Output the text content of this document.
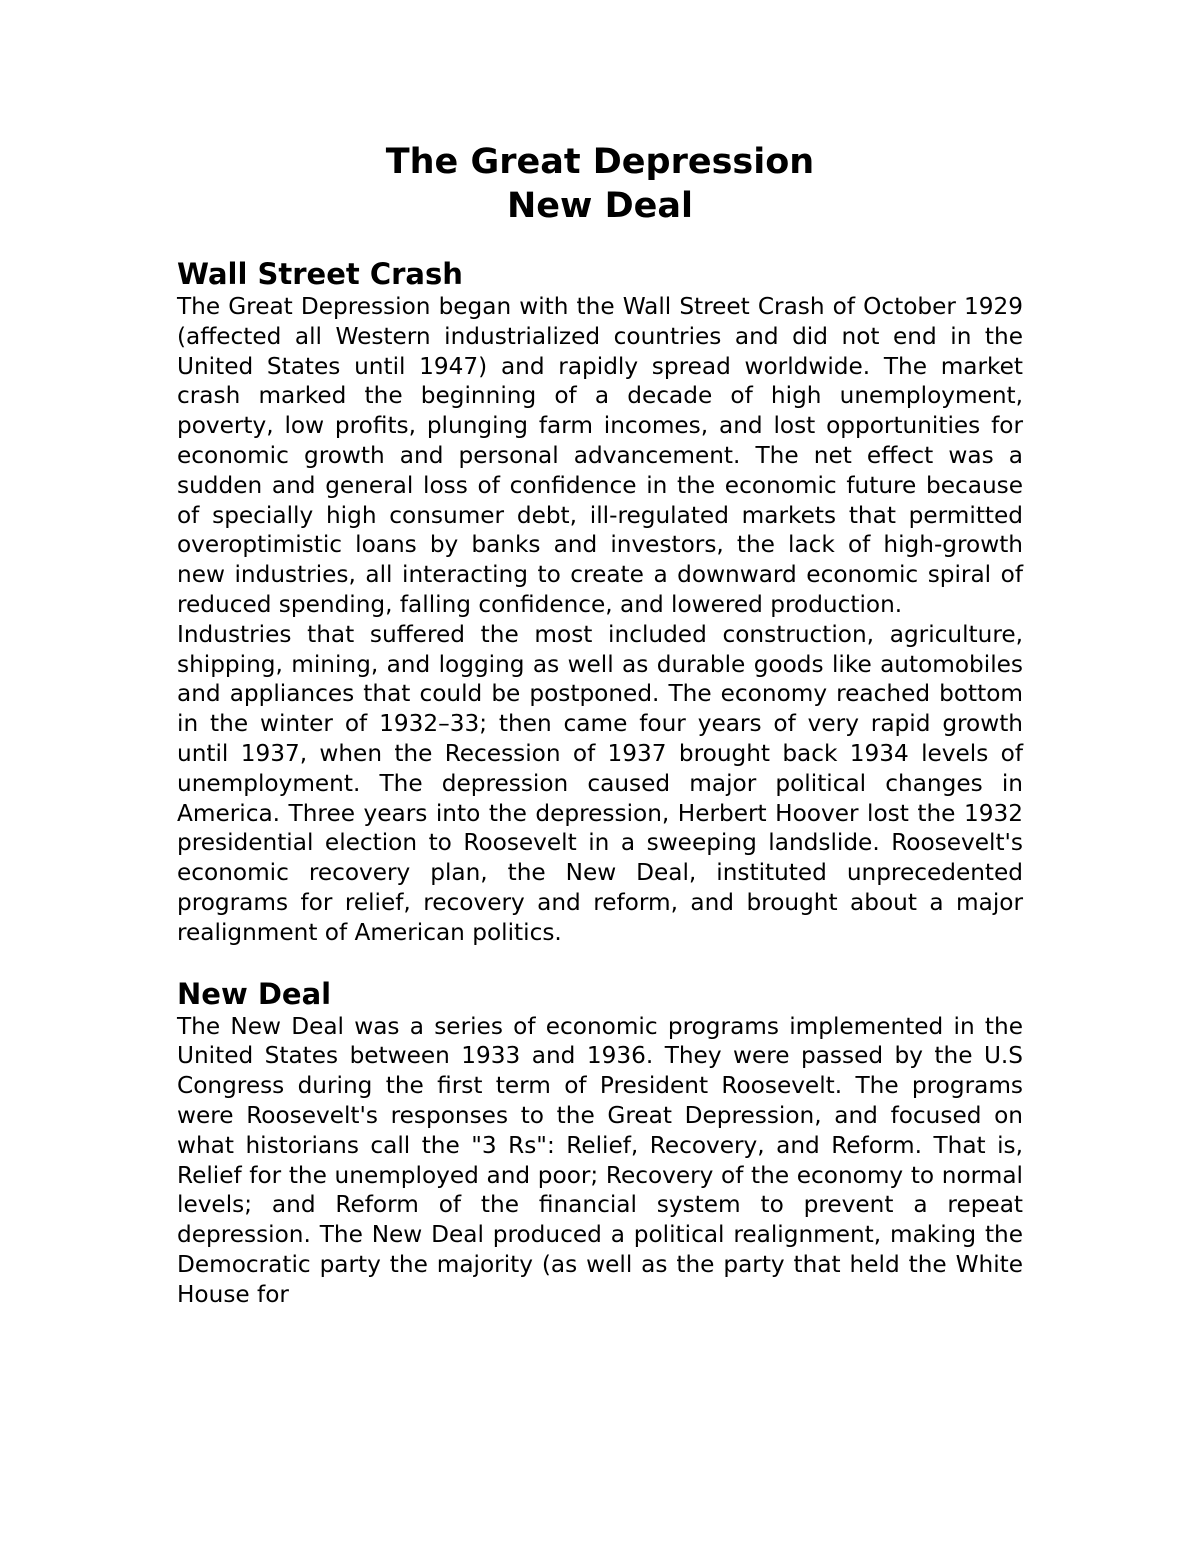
The Great Depression
New Deal
Wall Street Crash

The Great Depression began with the Wall Street Crash of October 1929 (affected all Western industrialized countries and did not end in the United States until 1947) and rapidly spread worldwide. The market crash marked the beginning of a decade of high unemployment, poverty, low profits, plunging farm incomes, and lost opportunities for economic growth and personal advancement. The net effect was a sudden and general loss of confidence in the economic future because of specially high consumer debt, ill-regulated markets that permitted overoptimistic loans by banks and investors, the lack of high-growth new industries, all interacting to create a downward economic spiral of reduced spending, falling confidence, and lowered production.

Industries that suffered the most included construction, agriculture, shipping, mining, and logging as well as durable goods like automobiles and appliances that could be postponed. The economy reached bottom in the winter of 1932–33; then came four years of very rapid growth until 1937, when the Recession of 1937 brought back 1934 levels of unemployment. The depression caused major political changes in America. Three years into the depression, Herbert Hoover lost the 1932 presidential election to Roosevelt in a sweeping landslide. Roosevelt's economic recovery plan, the New Deal, instituted unprecedented programs for relief, recovery and reform, and brought about a major realignment of American politics.

New Deal

The New Deal was a series of economic programs implemented in the United States between 1933 and 1936. They were passed by the U.S Congress during the first term of President Roosevelt. The programs were Roosevelt's responses to the Great Depression, and focused on what historians call the "3 Rs": Relief, Recovery, and Reform. That is, Relief for the unemployed and poor; Recovery of the economy to normal levels; and Reform of the financial system to prevent a repeat depression. The New Deal produced a political realignment, making the Democratic party the majority (as well as the party that held the White House for
